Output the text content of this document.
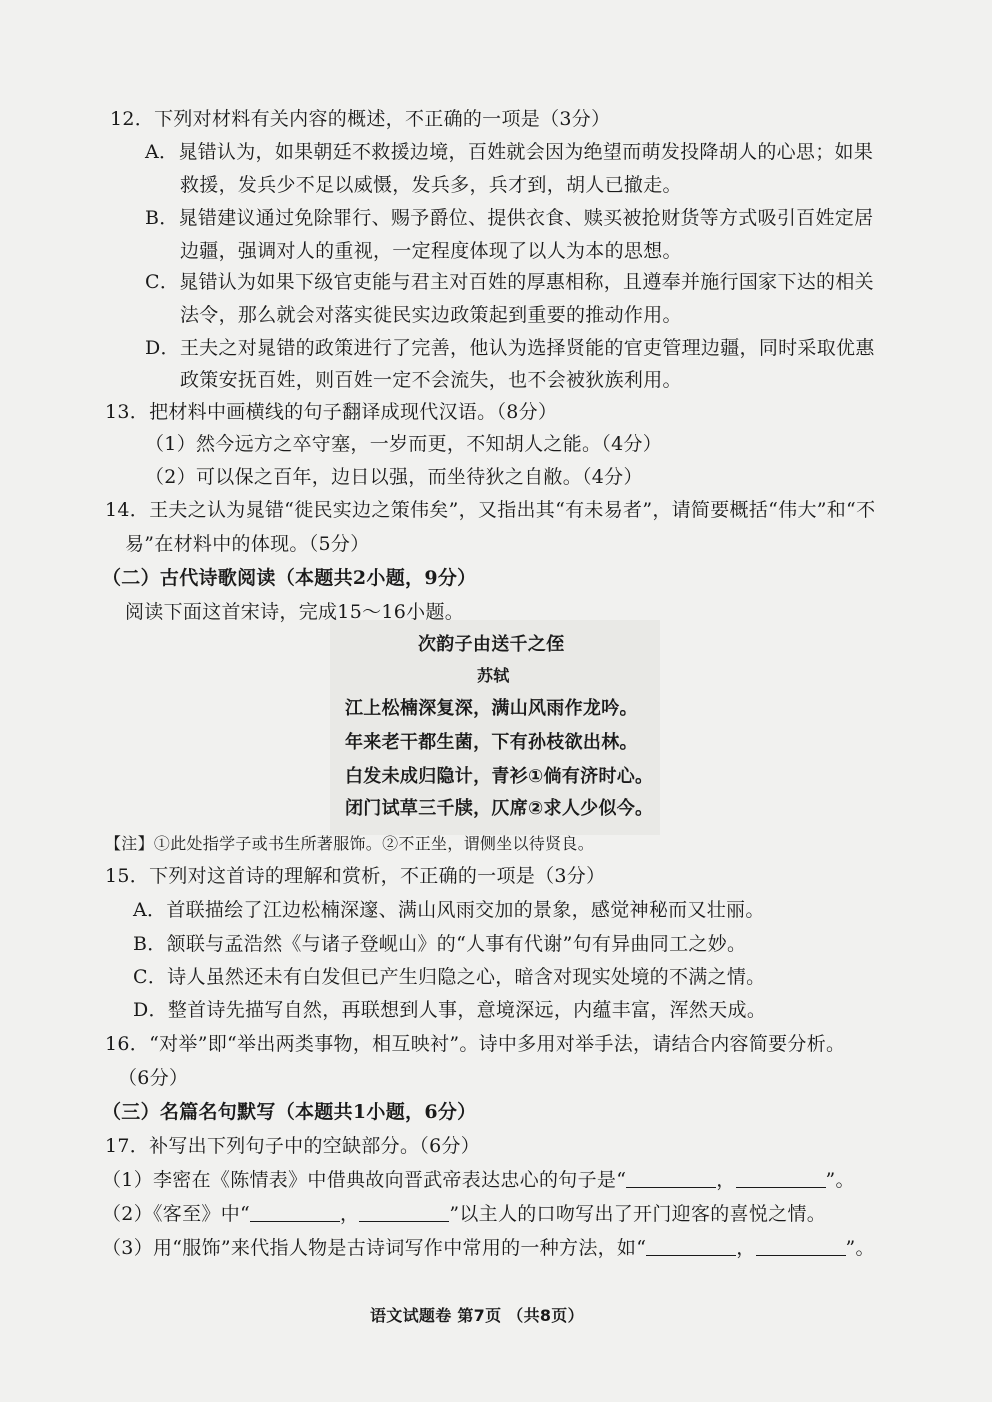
12．下列对材料有关内容的概述，不正确的一项是（3分）
A．晁错认为，如果朝廷不救援边境，百姓就会因为绝望而萌发投降胡人的心思；如果
救援，发兵少不足以威慑，发兵多，兵才到，胡人已撤走。
B．晁错建议通过免除罪行、赐予爵位、提供衣食、赎买被抢财货等方式吸引百姓定居
边疆，强调对人的重视，一定程度体现了以人为本的思想。
C．晁错认为如果下级官吏能与君主对百姓的厚惠相称，且遵奉并施行国家下达的相关
法令，那么就会对落实徙民实边政策起到重要的推动作用。
D．王夫之对晁错的政策进行了完善，他认为选择贤能的官吏管理边疆，同时采取优惠
政策安抚百姓，则百姓一定不会流失，也不会被狄族利用。
13．把材料中画横线的句子翻译成现代汉语。（8分）
（1）然今远方之卒守塞，一岁而更，不知胡人之能。（4分）
（2）可以保之百年，边日以强，而坐待狄之自敝。（4分）
14．王夫之认为晁错“徙民实边之策伟矣”，又指出其“有未易者”，请简要概括“伟大”和“不
易”在材料中的体现。（5分）
（二）古代诗歌阅读（本题共2小题，9分）
阅读下面这首宋诗，完成15～16小题。
次韵子由送千之侄
苏轼
江上松楠深复深，满山风雨作龙吟。
年来老干都生菌，下有孙枝欲出林。
白发未成归隐计，青衫①倘有济时心。
闭门试草三千牍，仄席②求人少似今。
【注】①此处指学子或书生所著服饰。②不正坐，谓侧坐以待贤良。
15．下列对这首诗的理解和赏析，不正确的一项是（3分）
A．首联描绘了江边松楠深邃、满山风雨交加的景象，感觉神秘而又壮丽。
B．颔联与孟浩然《与诸子登岘山》的“人事有代谢”句有异曲同工之妙。
C．诗人虽然还未有白发但已产生归隐之心，暗含对现实处境的不满之情。
D．整首诗先描写自然，再联想到人事，意境深远，内蕴丰富，浑然天成。
16．“对举”即“举出两类事物，相互映衬”。诗中多用对举手法，请结合内容简要分析。
（6分）
（三）名篇名句默写（本题共1小题，6分）
17．补写出下列句子中的空缺部分。（6分）
（1）李密在《陈情表》中借典故向晋武帝表达忠心的句子是“	，	”。
（2）《客至》中“	，	”以主人的口吻写出了开门迎客的喜悦之情。
（3）用“服饰”来代指人物是古诗词写作中常用的一种方法，如“	，	”。
语文试题卷 第7页 （共8页）
